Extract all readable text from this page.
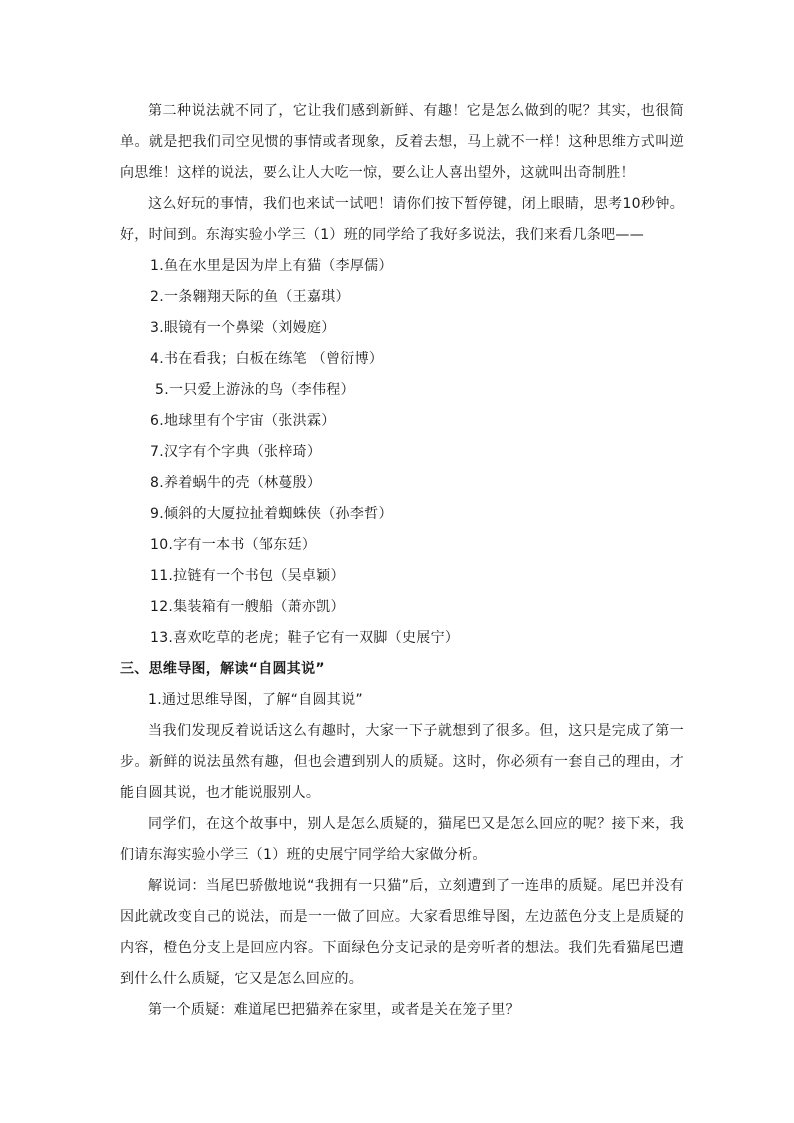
第二种说法就不同了，它让我们感到新鲜、有趣！它是怎么做到的呢？其实，也很简单。就是把我们司空见惯的事情或者现象，反着去想，马上就不一样！这种思维方式叫逆向思维！这样的说法，要么让人大吃一惊，要么让人喜出望外，这就叫出奇制胜！

这么好玩的事情，我们也来试一试吧！请你们按下暂停键，闭上眼睛，思考10秒钟。好，时间到。东海实验小学三（1）班的同学给了我好多说法，我们来看几条吧——

1.鱼在水里是因为岸上有猫（李厚儒）

2.一条翱翔天际的鱼（王嘉琪）

3.眼镜有一个鼻梁（刘嫚庭）

4.书在看我；白板在练笔 （曾衍博）

5.一只爱上游泳的鸟（李伟程）

6.地球里有个宇宙（张洪霖）

7.汉字有个字典（张梓琦）

8.养着蜗牛的壳（林蔓殷）

9.倾斜的大厦拉扯着蜘蛛侠（孙李哲）

10.字有一本书（邹东廷）

11.拉链有一个书包（吴卓颖）

12.集装箱有一艘船（萧亦凯）

13.喜欢吃草的老虎；鞋子它有一双脚（史展宁）

三、思维导图，解读“自圆其说”

1.通过思维导图，了解“自圆其说”

当我们发现反着说话这么有趣时，大家一下子就想到了很多。但，这只是完成了第一步。新鲜的说法虽然有趣，但也会遭到别人的质疑。这时，你必须有一套自己的理由，才能自圆其说，也才能说服别人。

同学们，在这个故事中，别人是怎么质疑的，猫尾巴又是怎么回应的呢？接下来，我们请东海实验小学三（1）班的史展宁同学给大家做分析。

解说词：当尾巴骄傲地说“我拥有一只猫”后，立刻遭到了一连串的质疑。尾巴并没有因此就改变自己的说法，而是一一做了回应。大家看思维导图，左边蓝色分支上是质疑的内容，橙色分支上是回应内容。下面绿色分支记录的是旁听者的想法。我们先看猫尾巴遭到什么什么质疑，它又是怎么回应的。

第一个质疑：难道尾巴把猫养在家里，或者是关在笼子里？
